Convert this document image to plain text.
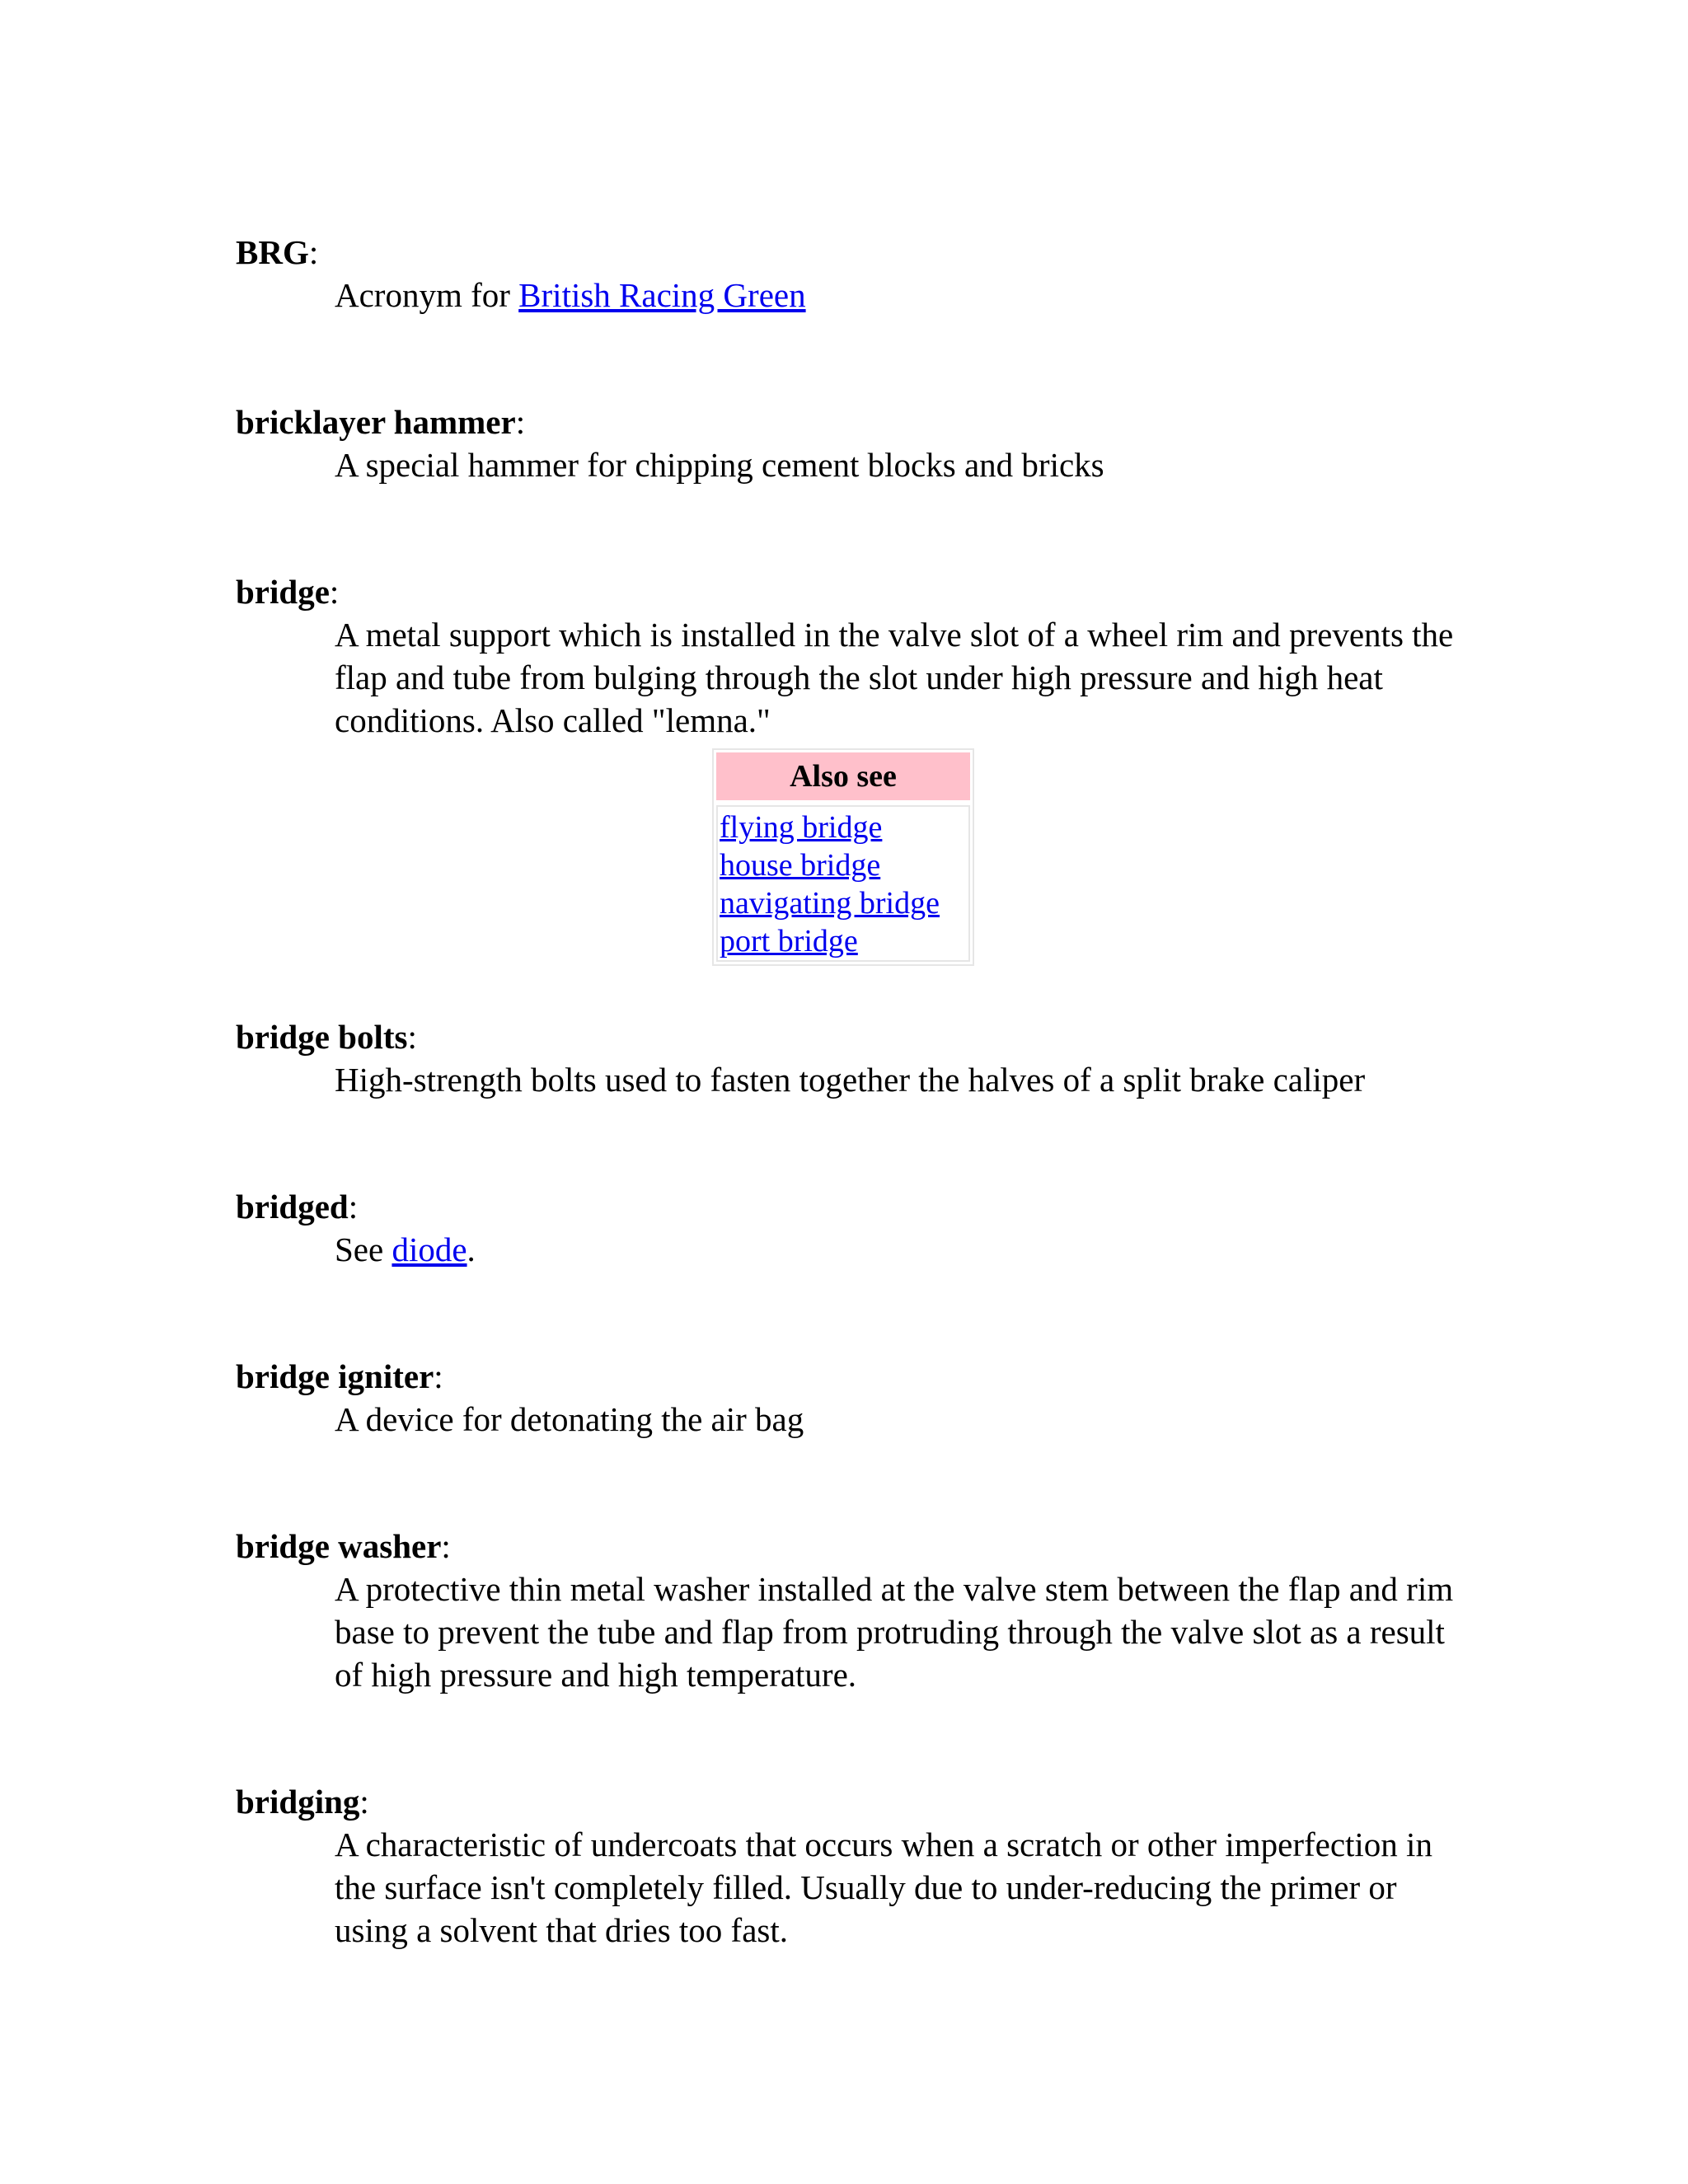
BRG:

Acronym for British Racing Green

bricklayer hammer:

A special hammer for chipping cement blocks and bricks

bridge:

A metal support which is installed in the valve slot of a wheel rim and prevents the flap and tube from bulging through the slot under high pressure and high heat conditions. Also called "lemna."

Also see
flying bridge
house bridge
navigating bridge
port bridge

bridge bolts:

High-strength bolts used to fasten together the halves of a split brake caliper

bridged:

See diode.

bridge igniter:

A device for detonating the air bag

bridge washer:

A protective thin metal washer installed at the valve stem between the flap and rim base to prevent the tube and flap from protruding through the valve slot as a result of high pressure and high temperature.

bridging:

A characteristic of undercoats that occurs when a scratch or other imperfection in the surface isn't completely filled. Usually due to under-reducing the primer or using a solvent that dries too fast.
